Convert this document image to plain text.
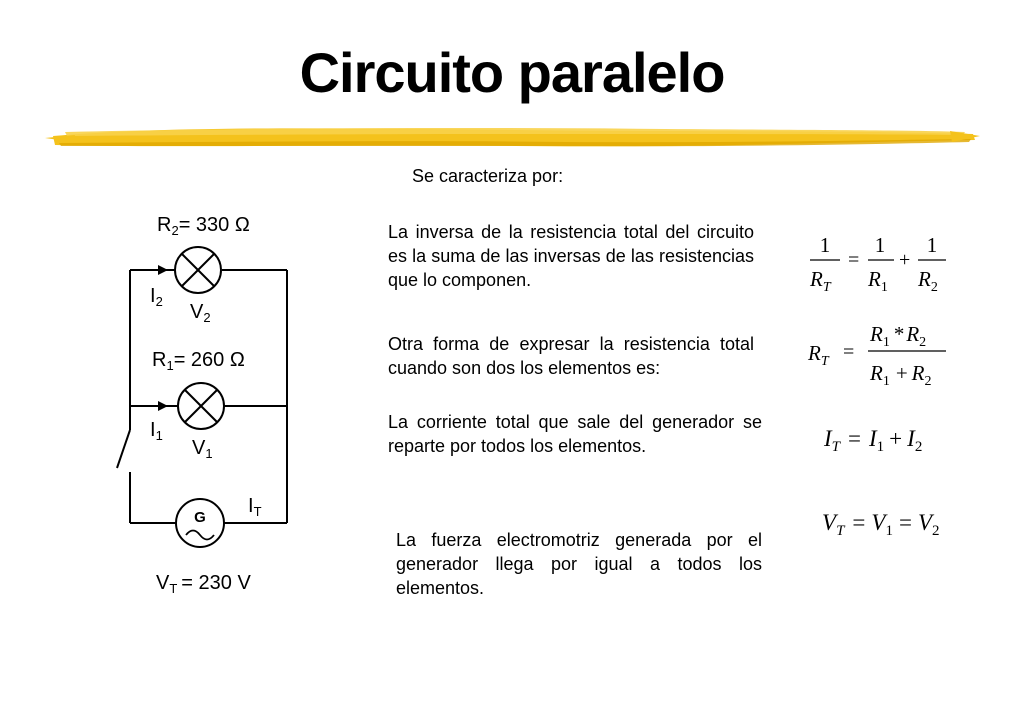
Circuito paralelo
Se caracteriza por:
La inversa de la resistencia total del circuito es la suma de las inversas de las resistencias que lo componen.
Otra forma de expresar la resistencia total cuando son dos los elementos es:
La corriente total que sale del generador se reparte por todos los elementos.
La fuerza electromotriz generada por el generador llega por igual a todos los elementos.
G
$R_2= 330$ Ω
$R_1= 260$ Ω
$I_2$
$I_1$
$V_2$
$V_1$
$I_T$
$V_T = 230$ V
1
$R_T$
=
1
$R_1$
+
1
$R_2$
$R_T$ =
$R_1$ $*R_2$
$R_1 + R_2$
$I_T = I_1 + I_2$
$V_T = V_1 = V_2$
